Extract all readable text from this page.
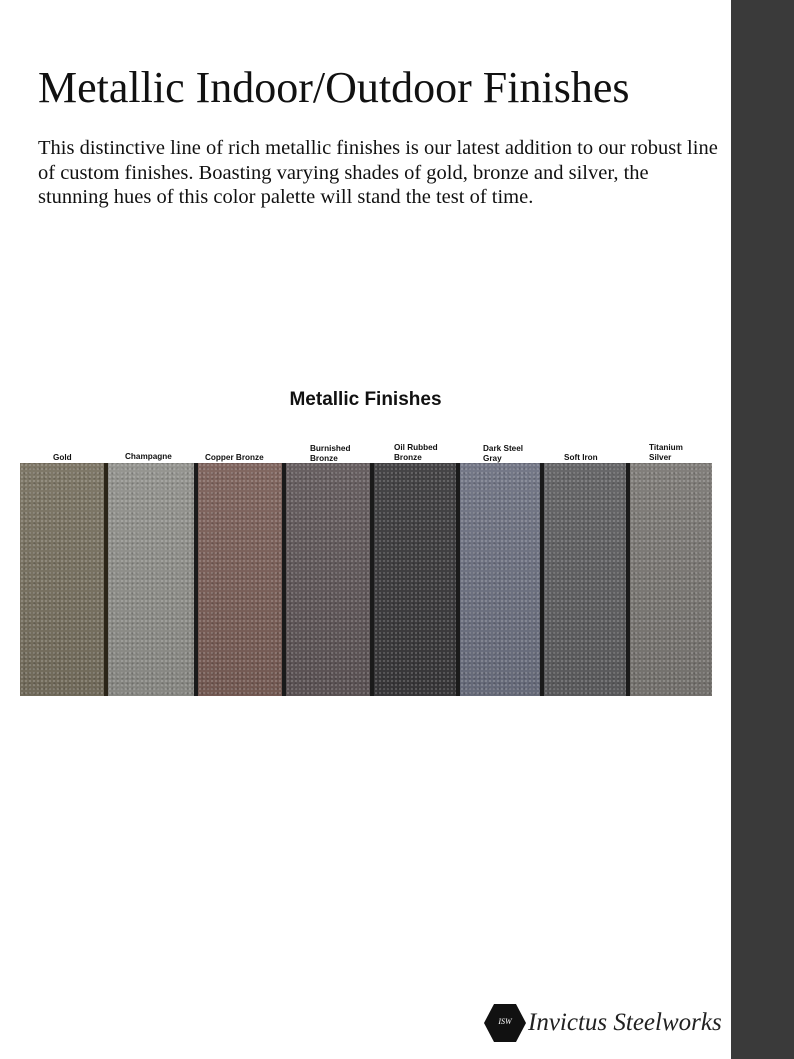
Metallic Indoor/Outdoor Finishes

This distinctive line of rich metallic finishes is our latest addition to our robust line of custom finishes. Boasting varying shades of gold, bronze and silver, the stunning hues of this color palette will stand the test of time.

Metallic Finishes
Gold	Champagne	Copper Bronze
Burnished
Bronze
Oil Rubbed
Bronze
Dark Steel
Gray	Soft Iron
Titanium
Silver
ISW Invictus Steelworks
